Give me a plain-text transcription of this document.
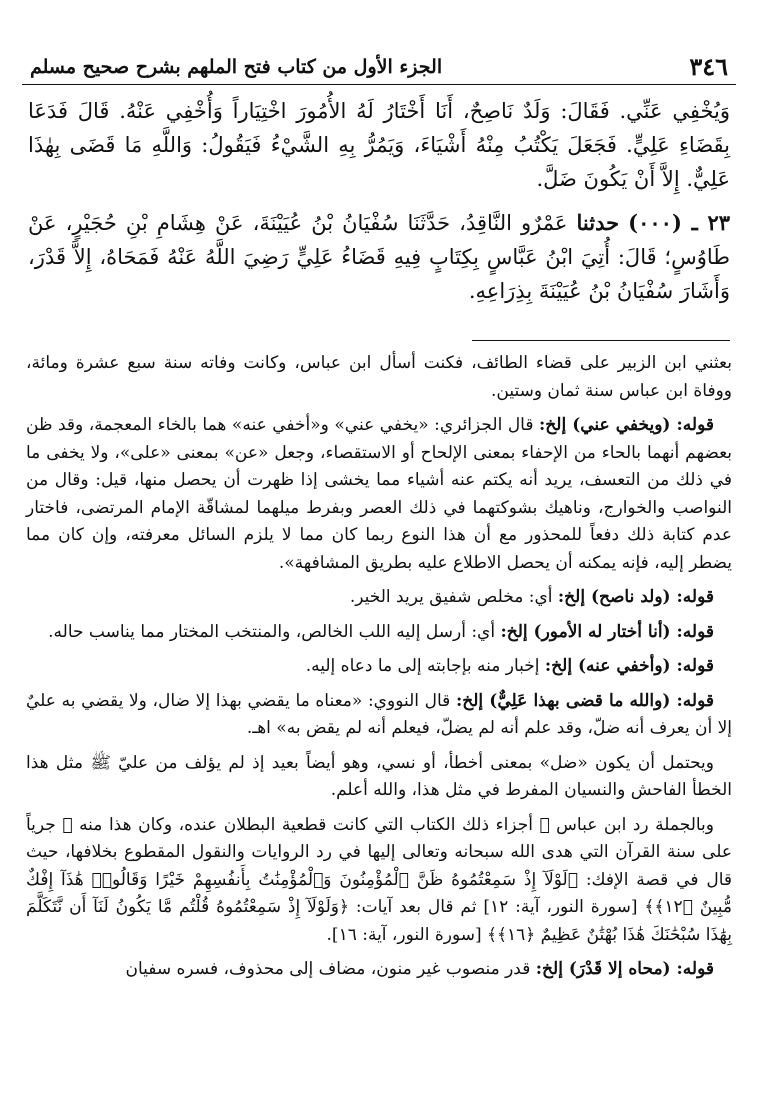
٣٤٦
الجزء الأول من كتاب فتح الملهم بشرح صحيح مسلم
وَيُخْفِي عَنِّي. فَقَالَ: وَلَدٌ نَاصِحٌ، أَنَا أَخْتَارُ لَهُ الأُمُورَ اخْتِيَاراً وَأُخْفِي عَنْهُ. قَالَ فَدَعَا بِقَضَاءِ عَلِيٍّ. فَجَعَلَ يَكْتُبُ مِنْهُ أَشْيَاءَ، وَيَمُرُّ بِهِ الشَّيْءُ فَيَقُولُ: وَاللَّهِ مَا قَضَى بِهٰذَا عَلِيٌّ. إِلاَّ أَنْ يَكُونَ ضَلَّ.
٢٣ ـ (٠٠٠) حدثنا عَمْرٌو النَّاقِدُ، حَدَّثَنَا سُفْيَانُ بْنُ عُيَيْنَةَ، عَنْ هِشَامِ بْنِ حُجَيْرٍ، عَنْ طَاوُسٍ؛ قَالَ: أُتِيَ ابْنُ عَبَّاسٍ بِكِتَابٍ فِيهِ قَضَاءُ عَلِيٍّ رَضِيَ اللَّهُ عَنْهُ فَمَحَاهُ، إِلاَّ قَدْرَ، وَأَشَارَ سُفْيَانُ بْنُ عُيَيْنَةَ بِذِرَاعِهِ.

بعثني ابن الزبير على قضاء الطائف، فكنت أسأل ابن عباس، وكانت وفاته سنة سبع عشرة ومائة، ووفاة ابن عباس سنة ثمان وستين.

قوله: (ويخفي عني) إلخ: قال الجزائري: «يخفي عني» و«أخفي عنه» هما بالخاء المعجمة، وقد ظن بعضهم أنهما بالحاء من الإحفاء بمعنى الإلحاح أو الاستقصاء، وجعل «عن» بمعنى «على»، ولا يخفى ما في ذلك من التعسف، يريد أنه يكتم عنه أشياء مما يخشى إذا ظهرت أن يحصل منها، قيل: وقال من النواصب والخوارج، وناهيك بشوكتهما في ذلك العصر وبفرط ميلهما لمشاقّة الإمام المرتضى، فاختار عدم كتابة ذلك دفعاً للمحذور مع أن هذا النوع ربما كان مما لا يلزم السائل معرفته، وإن كان مما يضطر إليه، فإنه يمكنه أن يحصل الاطلاع عليه بطريق المشافهة».

قوله: (ولد ناصح) إلخ: أي: مخلص شفيق يريد الخير.

قوله: (أنا أختار له الأمور) إلخ: أي: أرسل إليه اللب الخالص، والمنتخب المختار مما يناسب حاله.

قوله: (وأخفي عنه) إلخ: إخبار منه بإجابته إلى ما دعاه إليه.

قوله: (والله ما قضى بهذا عَلِيٌّ) إلخ: قال النووي: «معناه ما يقضي بهذا إلا ضال، ولا يقضي به عليٌ إلا أن يعرف أنه ضلّ، وقد علم أنه لم يضلّ، فيعلم أنه لم يقض به» اهـ.

ويحتمل أن يكون «ضل» بمعنى أخطأ، أو نسي، وهو أيضاً بعيد إذ لم يؤلف من عليّ ﷺ مثل هذا الخطأ الفاحش والنسيان المفرط في مثل هذا، والله أعلم.

وبالجملة رد ابن عباس ﷺ أجزاء ذلك الكتاب التي كانت قطعية البطلان عنده، وكان هذا منه ﷺ جرياً على سنة القرآن التي هدى الله سبحانه وتعالى إليها في رد الروايات والنقول المقطوع بخلافها، حيث قال في قصة الإفك: ﴿لَوْلَآ إِذْ سَمِعْتُمُوهُ ظَنَّ ٱلْمُؤْمِنُونَ وَٱلْمُؤْمِنَٰتُ بِأَنفُسِهِمْ خَيْرًا وَقَالُوا۟ هَٰذَآ إِفْكٌ مُّبِينٌ ﴿١٢﴾﴾ [سورة النور، آية: ١٢] ثم قال بعد آيات: ﴿وَلَوْلَآ إِذْ سَمِعْتُمُوهُ قُلْتُم مَّا يَكُونُ لَنَآ أَن نَّتَكَلَّمَ بِهَٰذَا سُبْحَٰنَكَ هَٰذَا بُهْتَٰنٌ عَظِيمٌ ﴿١٦﴾﴾ [سورة النور، آية: ١٦].

قوله: (محاه إلا قَدْرَ) إلخ: قدر منصوب غير منون، مضاف إلى محذوف، فسره سفيان
